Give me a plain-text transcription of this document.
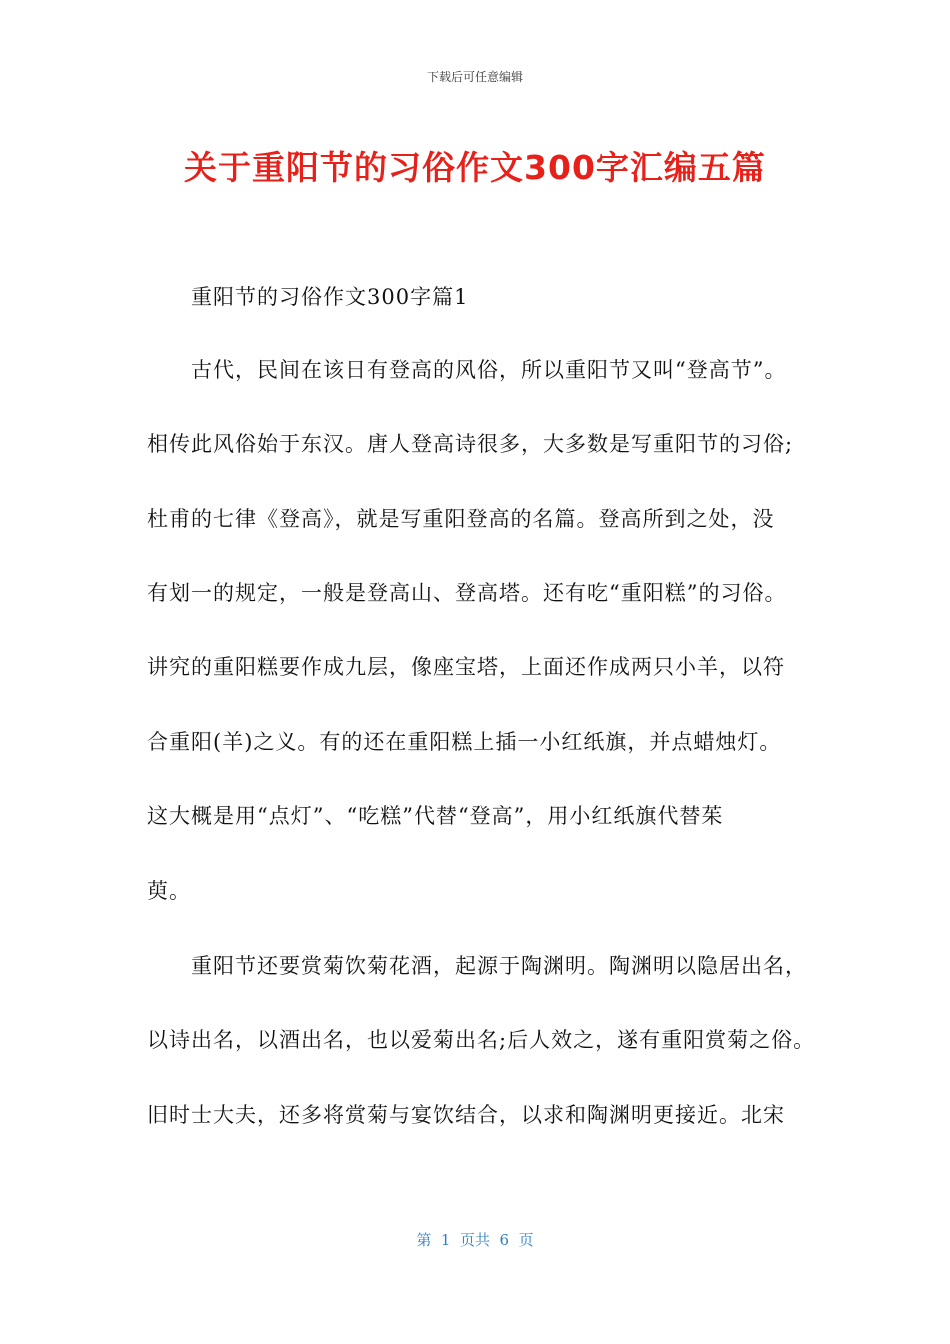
下载后可任意编辑
关于重阳节的习俗作文300字汇编五篇
重阳节的习俗作文300字篇1
古代，民间在该日有登高的风俗，所以重阳节又叫“登高节”。
相传此风俗始于东汉。唐人登高诗很多，大多数是写重阳节的习俗;
杜甫的七律《登高》，就是写重阳登高的名篇。登高所到之处，没
有划一的规定，一般是登高山、登高塔。还有吃“重阳糕”的习俗。
讲究的重阳糕要作成九层，像座宝塔，上面还作成两只小羊，以符
合重阳(羊)之义。有的还在重阳糕上插一小红纸旗，并点蜡烛灯。
这大概是用“点灯”、“吃糕”代替“登高”，用小红纸旗代替茱
萸。
重阳节还要赏菊饮菊花酒，起源于陶渊明。陶渊明以隐居出名，
以诗出名，以酒出名，也以爱菊出名;后人效之，遂有重阳赏菊之俗。
旧时士大夫，还多将赏菊与宴饮结合，以求和陶渊明更接近。北宋
第  1  页共  6  页
